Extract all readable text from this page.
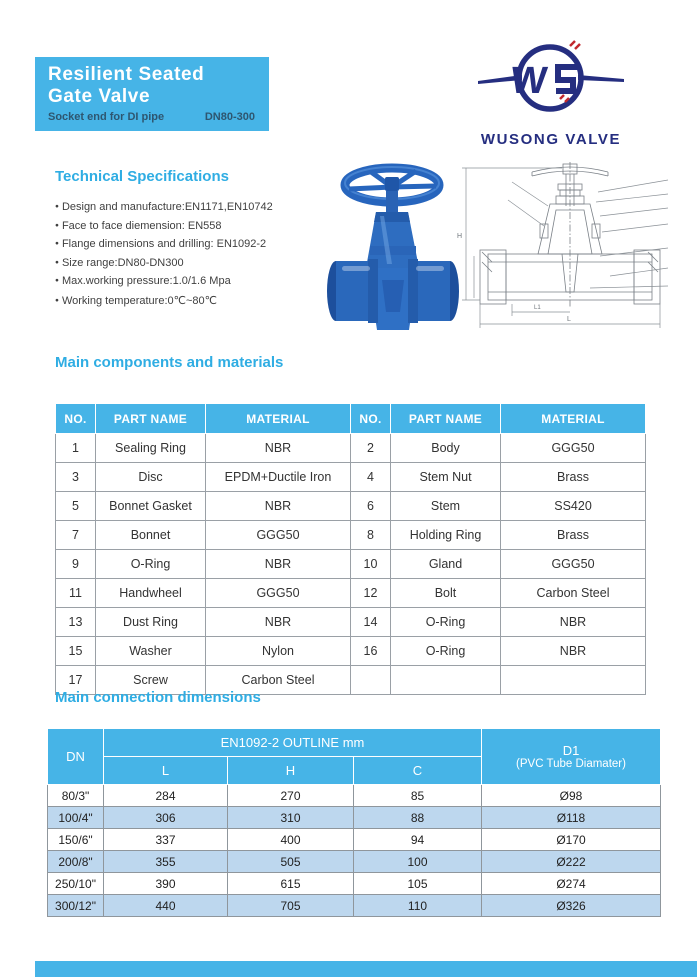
Resilient Seated
Gate Valve
Socket end for DI pipe	DN80-300
W
WUSONG VALVE
Technical Specifications
● Design and manufacture:EN1171,EN10742
● Face to face diemension: EN558
● Flange dimensions and drilling: EN1092-2
● Size range:DN80-DN300
● Max.working pressure:1.0/1.6 Mpa
● Working temperature:0℃~80℃
H
L
L1
Main components and materials
NO.	PART NAME	MATERIAL	NO.	PART NAME	MATERIAL
1	Sealing Ring	NBR	2	Body	GGG50
3	Disc	EPDM+Ductile Iron	4	Stem Nut	Brass
5	Bonnet Gasket	NBR	6	Stem	SS420
7	Bonnet	GGG50	8	Holding Ring	Brass
9	O-Ring	NBR	10	Gland	GGG50
11	Handwheel	GGG50	12	Bolt	Carbon Steel
13	Dust Ring	NBR	14	O-Ring	NBR
15	Washer	Nylon	16	O-Ring	NBR
17	Screw	Carbon Steel			
Main connection dimensions
DN	EN1092-2 OUTLINE mm			D1
(PVC Tube Diamater)

	L	H	C	
80/3"	284	270	85	Ø98
100/4"	306	310	88	Ø118
150/6"	337	400	94	Ø170
200/8"	355	505	100	Ø222
250/10"	390	615	105	Ø274
300/12"	440	705	110	Ø326
